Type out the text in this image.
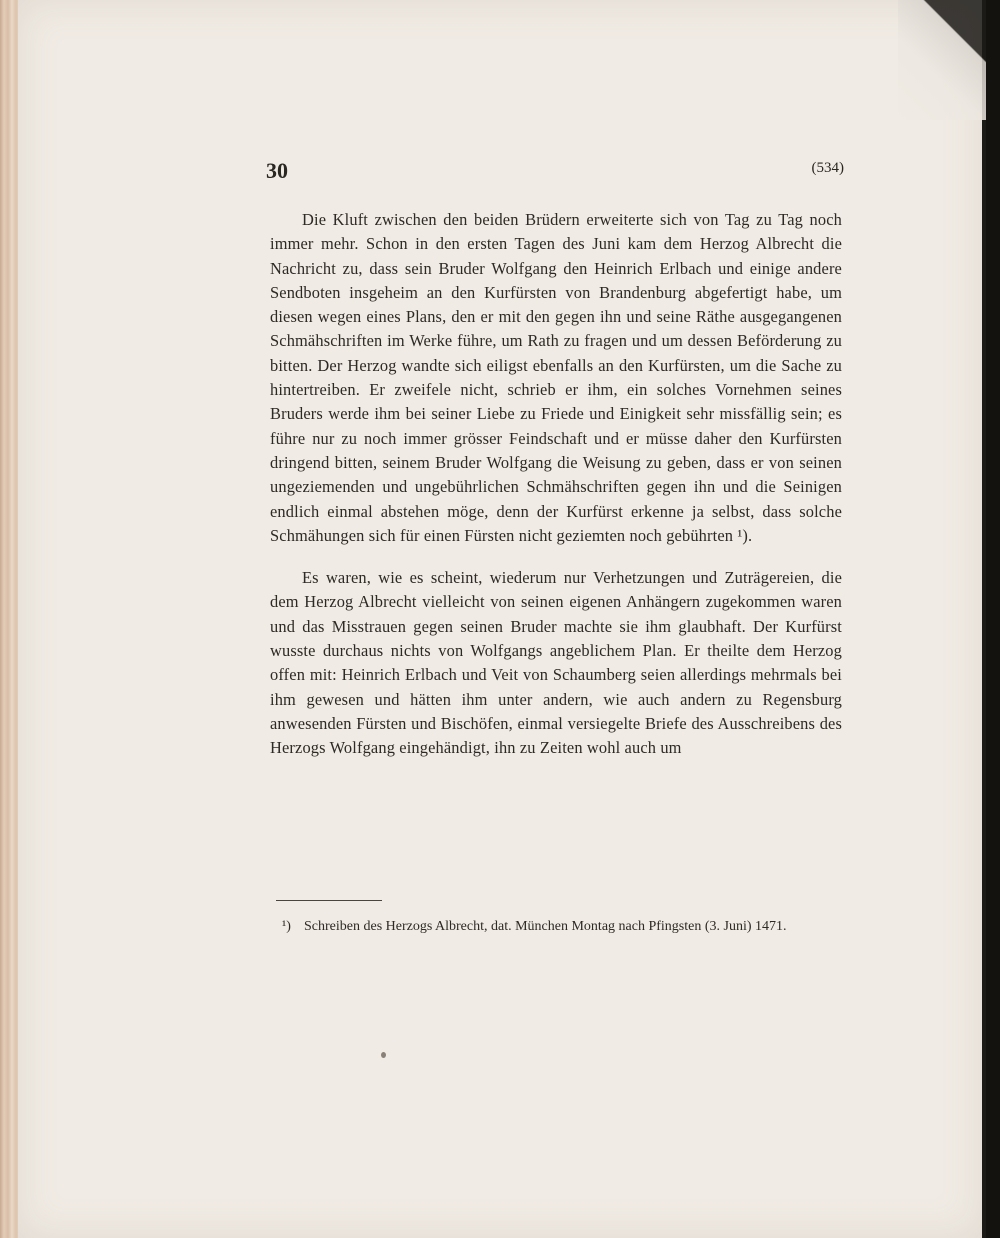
30	(534)

Die Kluft zwischen den beiden Brüdern erweiterte sich von Tag zu Tag noch immer mehr. Schon in den ersten Tagen des Juni kam dem Herzog Albrecht die Nachricht zu, dass sein Bruder Wolfgang den Heinrich Erlbach und einige andere Sendboten insgeheim an den Kurfürsten von Brandenburg abgefertigt habe, um diesen wegen eines Plans, den er mit den gegen ihn und seine Räthe ausgegangenen Schmähschriften im Werke führe, um Rath zu fragen und um dessen Beförderung zu bitten. Der Herzog wandte sich eiligst ebenfalls an den Kurfürsten, um die Sache zu hintertreiben. Er zweifele nicht, schrieb er ihm, ein solches Vornehmen seines Bruders werde ihm bei seiner Liebe zu Friede und Einigkeit sehr missfällig sein; es führe nur zu noch immer grösser Feindschaft und er müsse daher den Kurfürsten dringend bitten, seinem Bruder Wolfgang die Weisung zu geben, dass er von seinen ungeziemenden und ungebührlichen Schmähschriften gegen ihn und die Seinigen endlich einmal abstehen möge, denn der Kurfürst erkenne ja selbst, dass solche Schmähungen sich für einen Fürsten nicht geziemten noch gebührten ¹).

Es waren, wie es scheint, wiederum nur Verhetzungen und Zuträgereien, die dem Herzog Albrecht vielleicht von seinen eigenen Anhängern zugekommen waren und das Misstrauen gegen seinen Bruder machte sie ihm glaubhaft. Der Kurfürst wusste durchaus nichts von Wolfgangs angeblichem Plan. Er theilte dem Herzog offen mit: Heinrich Erlbach und Veit von Schaumberg seien allerdings mehrmals bei ihm gewesen und hätten ihm unter andern, wie auch andern zu Regensburg anwesenden Fürsten und Bischöfen, einmal versiegelte Briefe des Ausschreibens des Herzogs Wolfgang eingehändigt, ihn zu Zeiten wohl auch um

¹) Schreiben des Herzogs Albrecht, dat. München Montag nach Pfingsten (3. Juni) 1471.
